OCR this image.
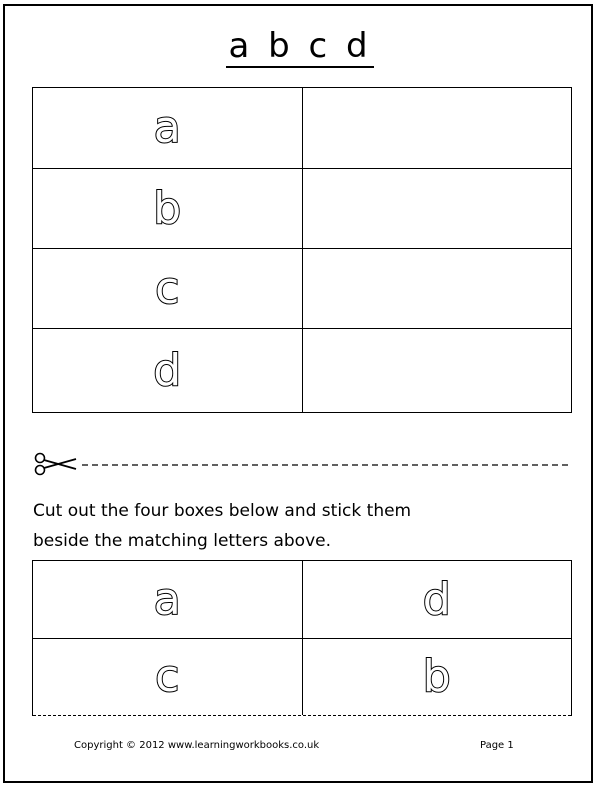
a b c d
a
b
c
d
Cut out the four boxes below and stick them
beside the matching letters above.
a	d
c	b
Copyright © 2012 www.learningworkbooks.co.uk	Page 1
